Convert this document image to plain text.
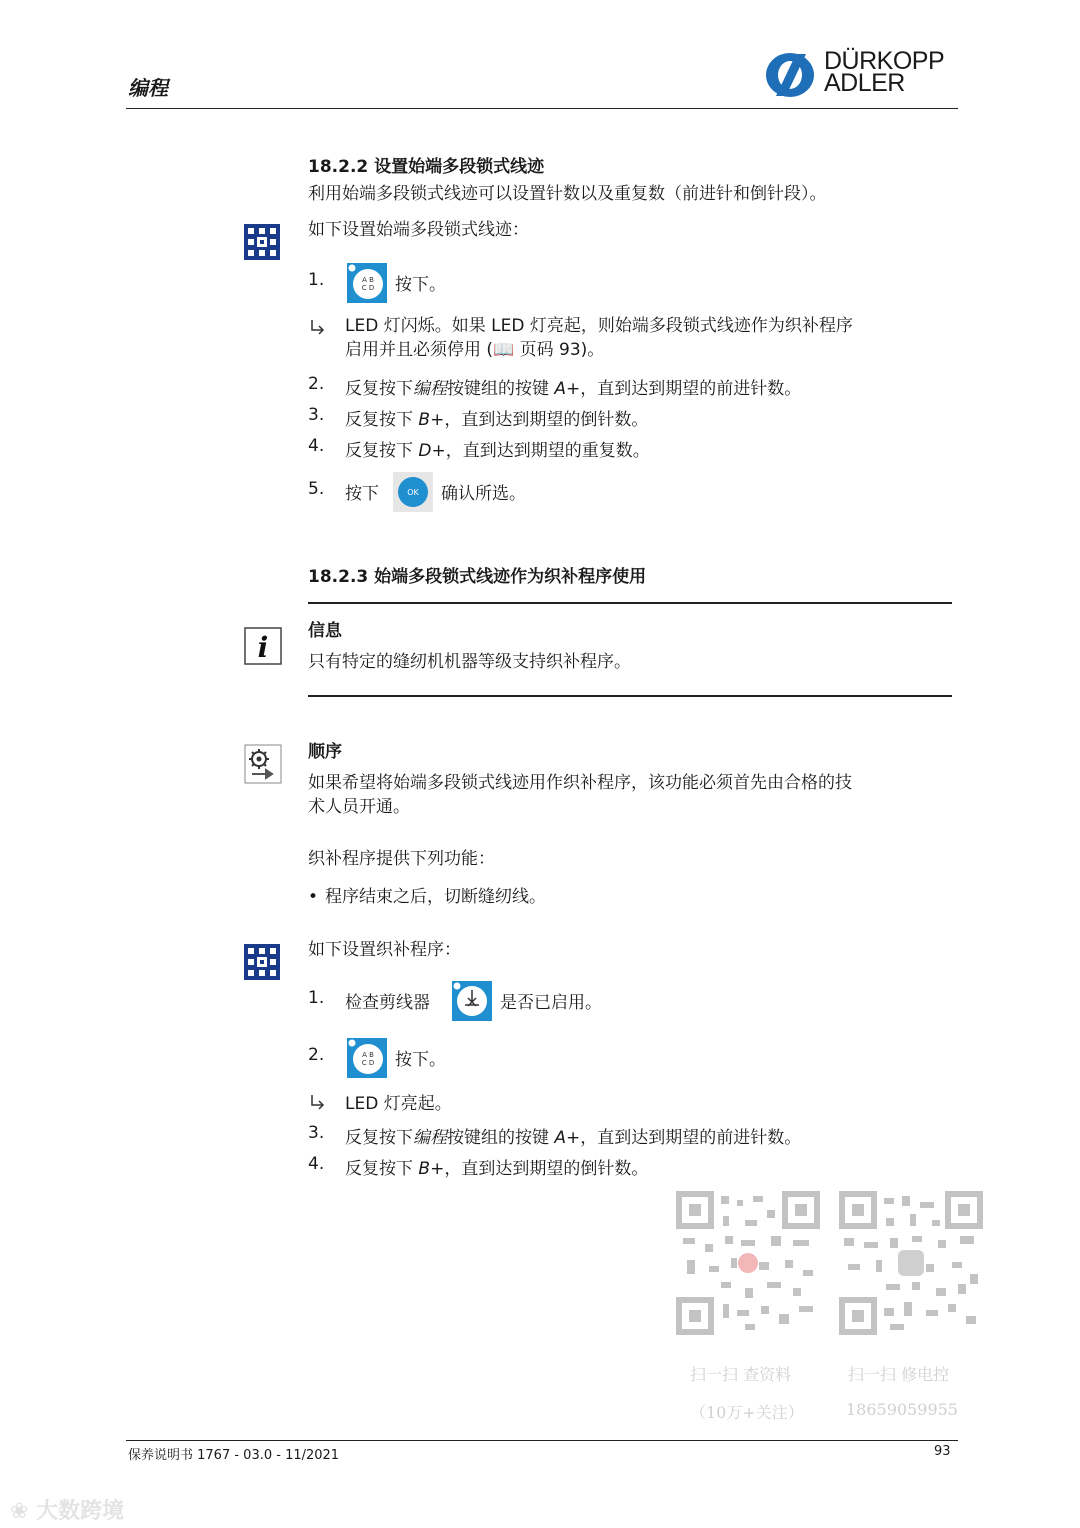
编程
DÜRKOPP
ADLER
18.2.2 设置始端多段锁式线迹
利用始端多段锁式线迹可以设置针数以及重复数（前进针和倒针段）。
如下设置始端多段锁式线迹：
1.	A B
C D 按下。
LED 灯闪烁。如果 LED 灯亮起，则始端多段锁式线迹作为织补程序
启用并且必须停用 (📖 页码 93)。
2. 反复按下编程按键组的按键 A+，直到达到期望的前进针数。
3. 反复按下 B+，直到达到期望的倒针数。
4. 反复按下 D+，直到达到期望的重复数。
5. 按下	OK 确认所选。
18.2.3 始端多段锁式线迹作为织补程序使用
i 信息
只有特定的缝纫机机器等级支持织补程序。
顺序
如果希望将始端多段锁式线迹用作织补程序，该功能必须首先由合格的技
术人员开通。
织补程序提供下列功能：
• 程序结束之后，切断缝纫线。
如下设置织补程序：
1. 检查剪线器	是否已启用。
2.	A B
C D 按下。
LED 灯亮起。
3. 反复按下编程按键组的按键 A+，直到达到期望的前进针数。
4. 反复按下 B+，直到达到期望的倒针数。
扫一扫 查资料
（10万+关注）
扫一扫 修电控
18659059955
保养说明书 1767 - 03.0 - 11/2021	93
❀ 大数跨境
